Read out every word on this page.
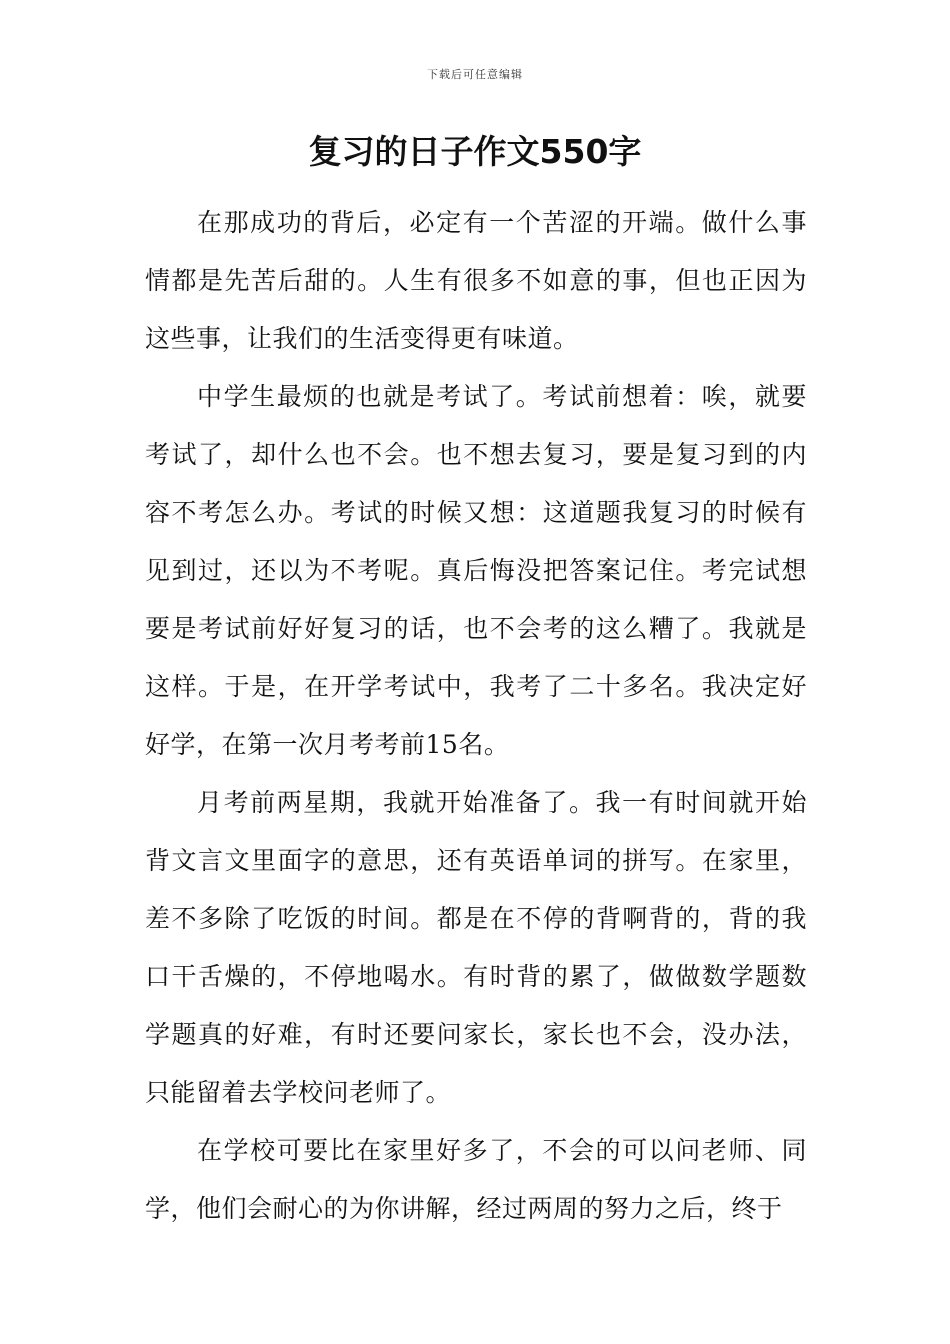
下载后可任意编辑
复习的日子作文550字

在那成功的背后，必定有一个苦涩的开端。做什么事情都是先苦后甜的。人生有很多不如意的事，但也正因为这些事，让我们的生活变得更有味道。

中学生最烦的也就是考试了。考试前想着：唉，就要考试了，却什么也不会。也不想去复习，要是复习到的内容不考怎么办。考试的时候又想：这道题我复习的时候有见到过，还以为不考呢。真后悔没把答案记住。考完试想要是考试前好好复习的话，也不会考的这么糟了。我就是这样。于是，在开学考试中，我考了二十多名。我决定好好学，在第一次月考考前15名。

月考前两星期，我就开始准备了。我一有时间就开始背文言文里面字的意思，还有英语单词的拼写。在家里，差不多除了吃饭的时间。都是在不停的背啊背的，背的我口干舌燥的，不停地喝水。有时背的累了，做做数学题数学题真的好难，有时还要问家长，家长也不会，没办法，只能留着去学校问老师了。

在学校可要比在家里好多了，不会的可以问老师、同学，他们会耐心的为你讲解，经过两周的努力之后，终于
